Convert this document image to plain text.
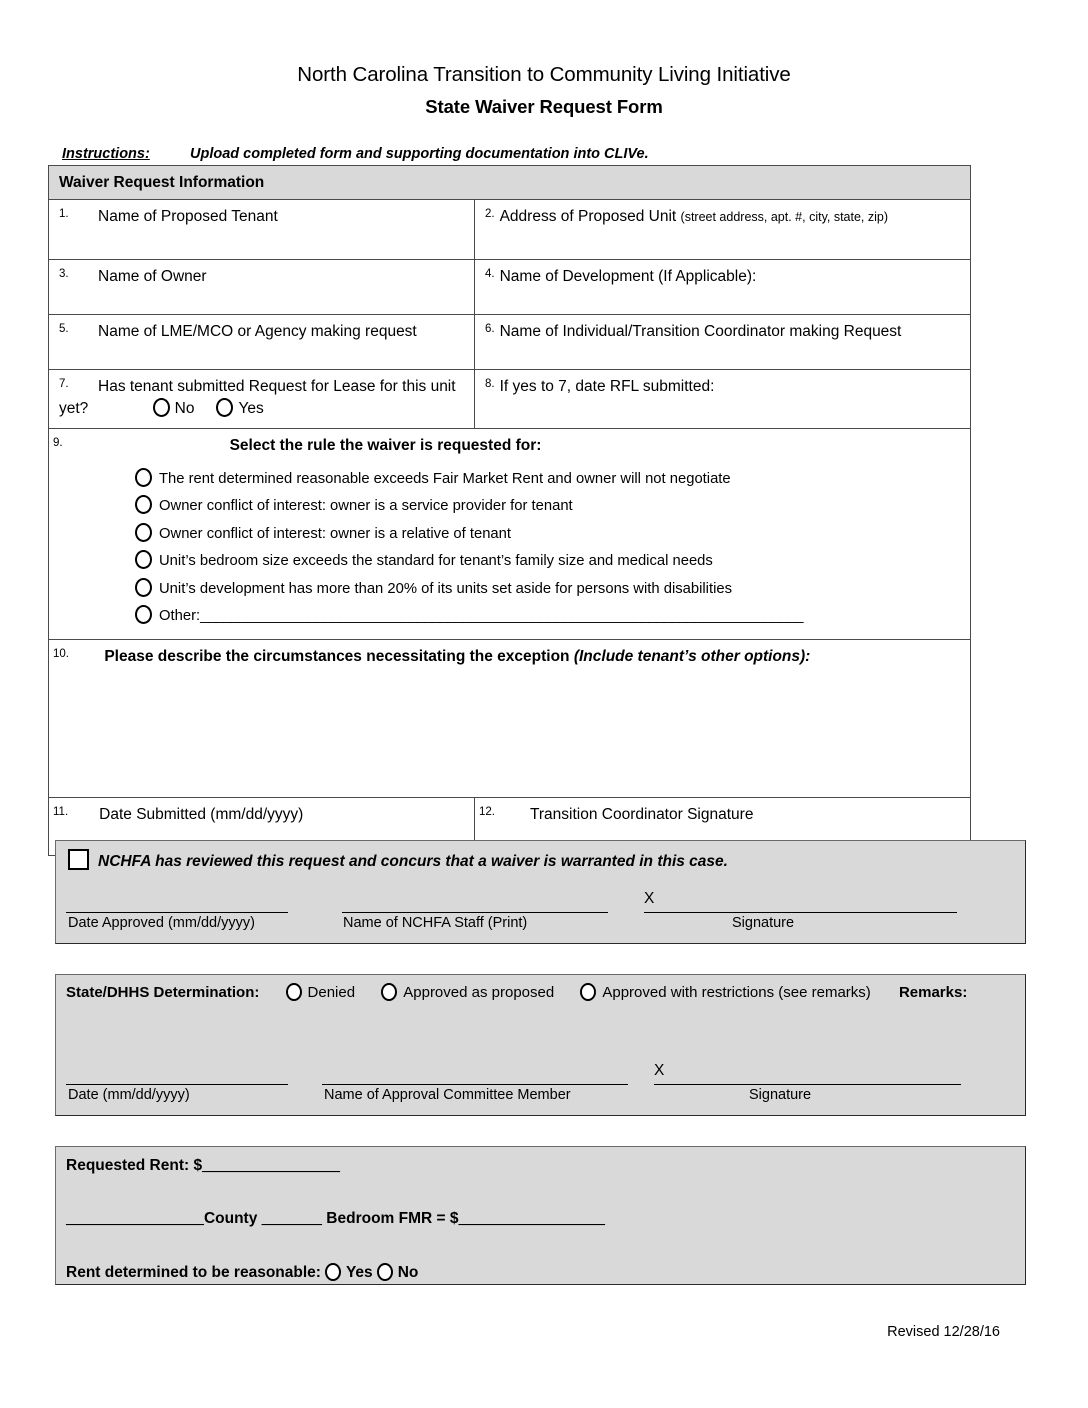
North Carolina Transition to Community Living Initiative
State Waiver Request Form

Instructions:	Upload completed form and supporting documentation into CLIVe.

Waiver Request Information	
1. Name of Proposed Tenant	2. Address of Proposed Unit (street address, apt. #, city, state, zip)
3. Name of Owner	4. Name of Development (If Applicable):
5. Name of LME/MCO or Agency making request	6. Name of Individual/Transition Coordinator making Request
7. Has tenant submitted Request for Lease for this unit yet? No Yes	8. If yes to 7, date RFL submitted:
9.	Select the rule the waiver is requested for:
The rent determined reasonable exceeds Fair Market Rent and owner will not negotiate
Owner conflict of interest: owner is a service provider for tenant
Owner conflict of interest: owner is a relative of tenant
Unit’s bedroom size exceeds the standard for tenant’s family size and medical needs
Unit’s development has more than 20% of its units set aside for persons with disabilities
Other:______________________________________________________________________________

10. Please describe the circumstances necessitating the exception (Include tenant’s other options):	
11. Date Submitted (mm/dd/yyyy)	12. Transition Coordinator Signature
NCHFA has reviewed this request and concurs that a waiver is warranted in this case.
Date Approved (mm/dd/yyyy)	Name of NCHFA Staff (Print)
X
Signature
State/DHHS Determination:	Denied	Approved as proposed	Approved with restrictions (see remarks) Remarks:
Date (mm/dd/yyyy)	Name of Approval Committee Member
X
Signature
Requested Rent: $________________
________________County _______ Bedroom FMR = $_________________
Rent determined to be reasonable: Yes No
Revised 12/28/16
